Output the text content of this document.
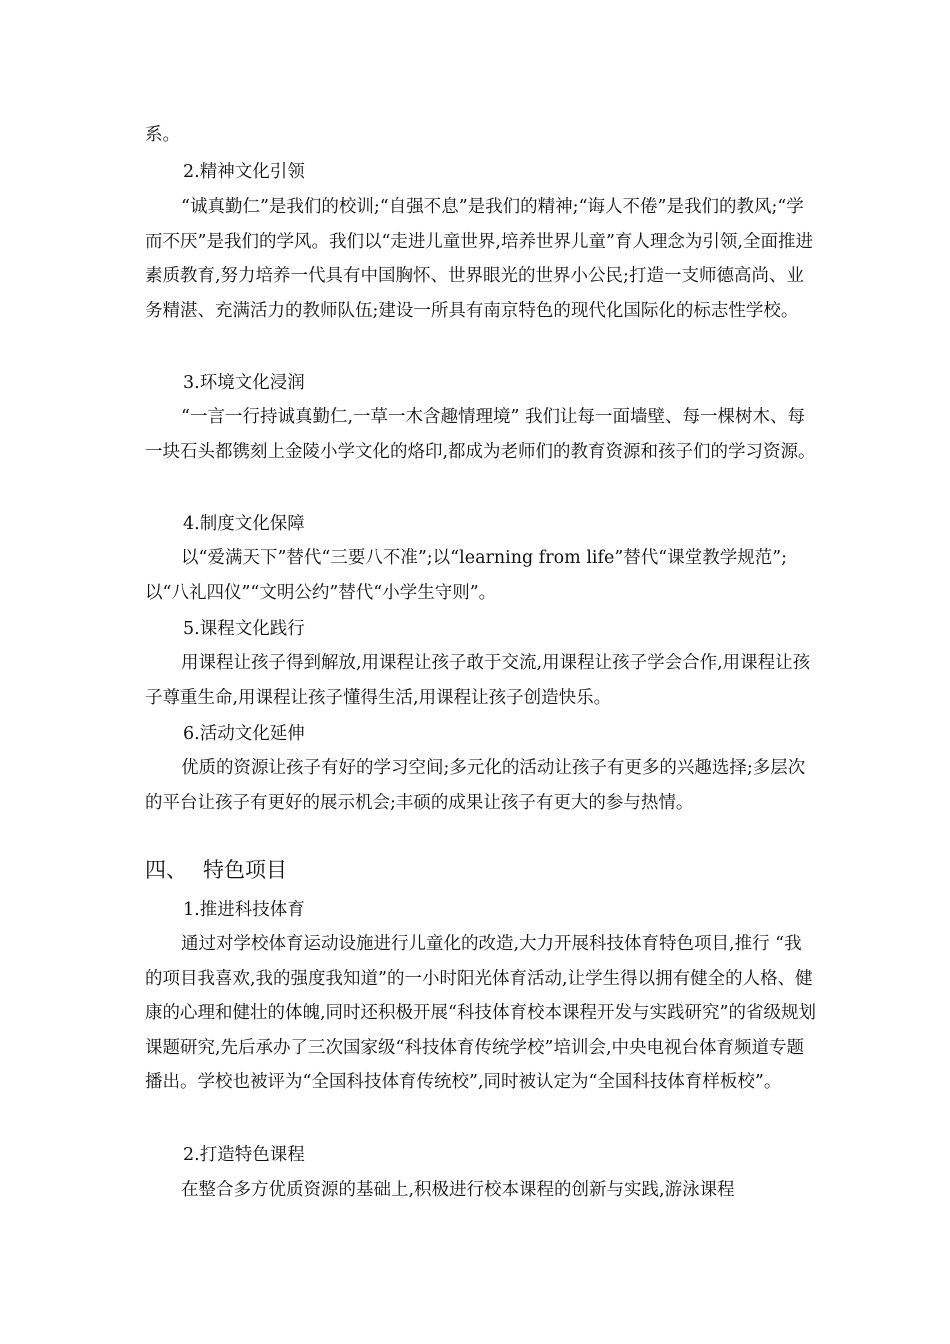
系。

2.精神文化引领

“诚真勤仁”是我们的校训;“自强不息”是我们的精神;“诲人不倦”是我们的教风;“学而不厌”是我们的学风。我们以“走进儿童世界,培养世界儿童”育人理念为引领,全面推进素质教育,努力培养一代具有中国胸怀、世界眼光的世界小公民;打造一支师德高尚、业务精湛、充满活力的教师队伍;建设一所具有南京特色的现代化国际化的标志性学校。

3.环境文化浸润

“一言一行持诚真勤仁,一草一木含趣情理境” 我们让每一面墙壁、每一棵树木、每一块石头都镌刻上金陵小学文化的烙印,都成为老师们的教育资源和孩子们的学习资源。

4.制度文化保障

以“爱满天下”替代“三要八不准”;以“learning from life”替代“课堂教学规范”;以“八礼四仪”“文明公约”替代“小学生守则”。

5.课程文化践行

用课程让孩子得到解放,用课程让孩子敢于交流,用课程让孩子学会合作,用课程让孩子尊重生命,用课程让孩子懂得生活,用课程让孩子创造快乐。

6.活动文化延伸

优质的资源让孩子有好的学习空间;多元化的活动让孩子有更多的兴趣选择;多层次的平台让孩子有更好的展示机会;丰硕的成果让孩子有更大的参与热情。

四、 特色项目

1.推进科技体育

通过对学校体育运动设施进行儿童化的改造,大力开展科技体育特色项目,推行 “我的项目我喜欢,我的强度我知道”的一小时阳光体育活动,让学生得以拥有健全的人格、健康的心理和健壮的体魄,同时还积极开展“科技体育校本课程开发与实践研究”的省级规划课题研究,先后承办了三次国家级“科技体育传统学校”培训会,中央电视台体育频道专题播出。学校也被评为“全国科技体育传统校”,同时被认定为“全国科技体育样板校”。

2.打造特色课程

在整合多方优质资源的基础上,积极进行校本课程的创新与实践,游泳课程
